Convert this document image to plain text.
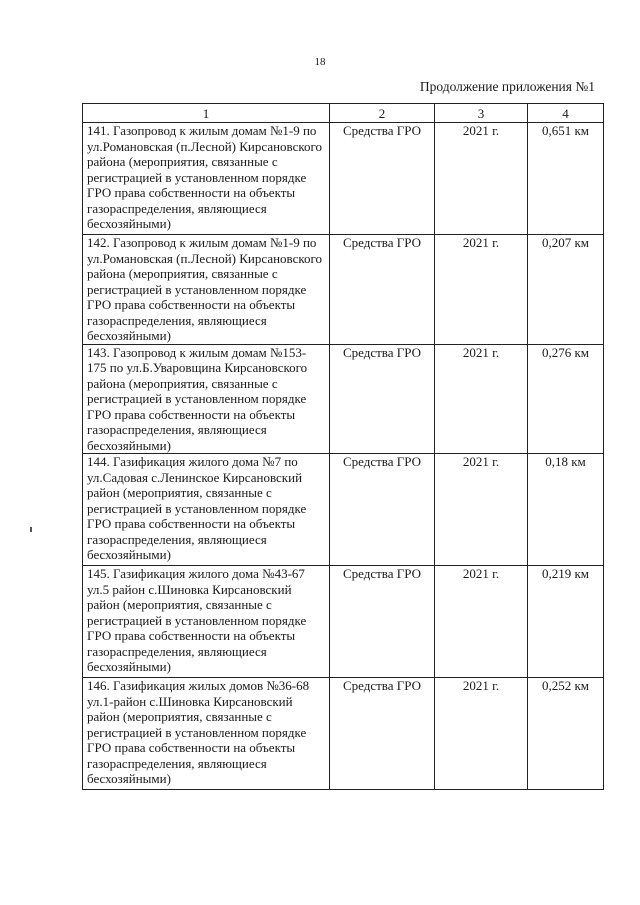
18
Продолжение приложения №1
1	2	3	4
141. Газопровод к жилым домам №1-9 по ул.Романовская (п.Лесной) Кирсановского района (мероприятия, связанные с регистрацией в установленном порядке ГРО права собственности на объекты газораспределения, являющиеся бесхозяйными)	Средства ГРО	2021 г.	0,651 км
142. Газопровод к жилым домам №1-9 по ул.Романовская (п.Лесной) Кирсановского района (мероприятия, связанные с регистрацией в установленном порядке ГРО права собственности на объекты газораспределения, являющиеся бесхозяйными)	Средства ГРО	2021 г.	0,207 км
143. Газопровод к жилым домам №153-175 по ул.Б.Уваровщина Кирсановского района (мероприятия, связанные с регистрацией в установленном порядке ГРО права собственности на объекты газораспределения, являющиеся бесхозяйными)	Средства ГРО	2021 г.	0,276 км
144. Газификация жилого дома №7 по ул.Садовая с.Ленинское Кирсановский район (мероприятия, связанные с регистрацией в установленном порядке ГРО права собственности на объекты газораспределения, являющиеся бесхозяйными)	Средства ГРО	2021 г.	0,18 км
145. Газификация жилого дома №43-67 ул.5 район с.Шиновка Кирсановский район (мероприятия, связанные с регистрацией в установленном порядке ГРО права собственности на объекты газораспределения, являющиеся бесхозяйными)	Средства ГРО	2021 г.	0,219 км
146. Газификация жилых домов №36-68 ул.1-район с.Шиновка Кирсановский район (мероприятия, связанные с регистрацией в установленном порядке ГРО права собственности на объекты газораспределения, являющиеся бесхозяйными)	Средства ГРО	2021 г.	0,252 км
